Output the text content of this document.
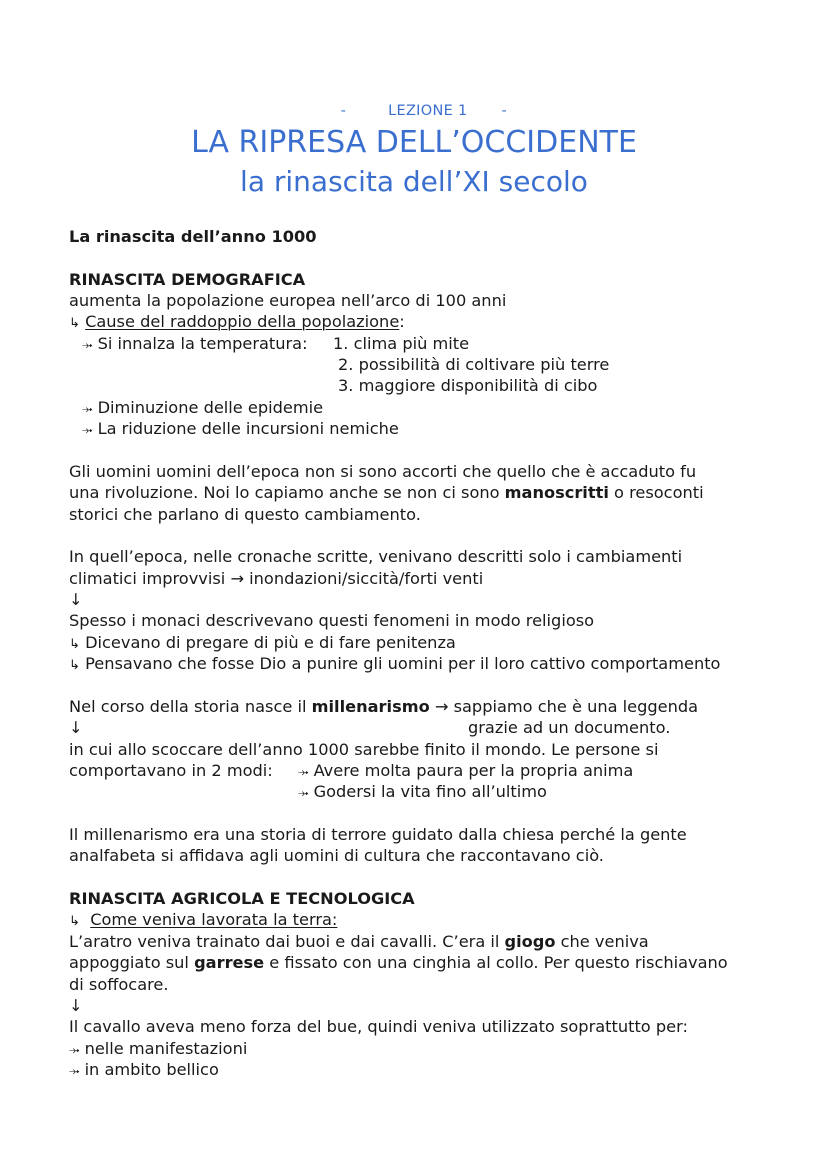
-	LEZIONE 1 -

LA RIPRESA DELL’OCCIDENTE
la rinascita dell’XI secolo
La rinascita dell’anno 1000
RINASCITA DEMOGRAFICA
aumenta la popolazione europea nell’arco di 100 anni
↳ Cause del raddoppio della popolazione:
⤞ Si innalza la temperatura: 1. clima più mite
2. possibilità di coltivare più terre
3. maggiore disponibilità di cibo
⤞ Diminuzione delle epidemie
⤞ La riduzione delle incursioni nemiche
Gli uomini uomini dell’epoca non si sono accorti che quello che è accaduto fu
una rivoluzione. Noi lo capiamo anche se non ci sono manoscritti o resoconti
storici che parlano di questo cambiamento.
In quell’epoca, nelle cronache scritte, venivano descritti solo i cambiamenti
climatici improvvisi → inondazioni/siccità/forti venti
↓
Spesso i monaci descrivevano questi fenomeni in modo religioso
↳ Dicevano di pregare di più e di fare penitenza
↳ Pensavano che fosse Dio a punire gli uomini per il loro cattivo comportamento
Nel corso della storia nasce il millenarismo → sappiamo che è una leggenda
↓	grazie ad un documento.
in cui allo scoccare dell’anno 1000 sarebbe finito il mondo. Le persone si
comportavano in 2 modi: ⤞ Avere molta paura per la propria anima
⤞ Godersi la vita fino all’ultimo
Il millenarismo era una storia di terrore guidato dalla chiesa perché la gente
analfabeta si affidava agli uomini di cultura che raccontavano ciò.
RINASCITA AGRICOLA E TECNOLOGICA
↳ Come veniva lavorata la terra:
L’aratro veniva trainato dai buoi e dai cavalli. C’era il giogo che veniva
appoggiato sul garrese e fissato con una cinghia al collo. Per questo rischiavano
di soffocare.
↓
Il cavallo aveva meno forza del bue, quindi veniva utilizzato soprattutto per:
⤞ nelle manifestazioni
⤞ in ambito bellico
